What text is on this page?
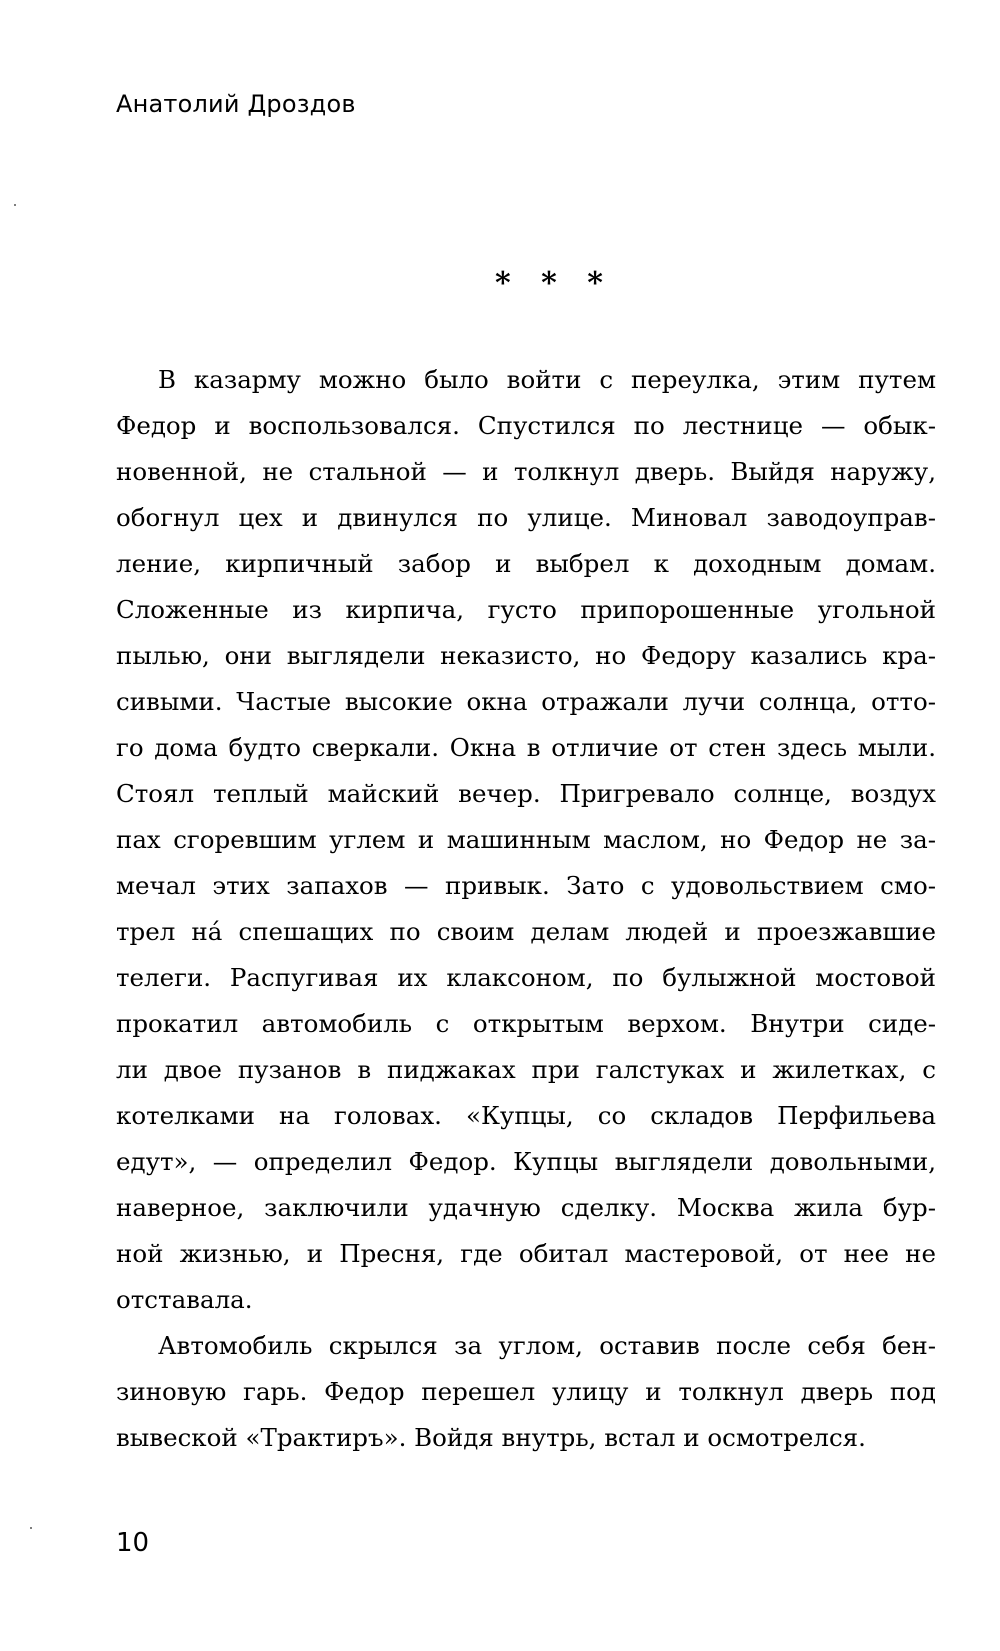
Анатолий Дроздов
* * *
В казарму можно было войти с переулка, этим путем
Федор и воспользовался. Спустился по лестнице — обык-
новенной, не стальной — и толкнул дверь. Выйдя наружу,
обогнул цех и двинулся по улице. Миновал заводоуправ-
ление, кирпичный забор и выбрел к доходным домам.
Сложенные из кирпича, густо припорошенные угольной
пылью, они выглядели неказисто, но Федору казались кра-
сивыми. Частые высокие окна отражали лучи солнца, отто-
го дома будто сверкали. Окна в отличие от стен здесь мыли.
Стоял теплый майский вечер. Пригревало солнце, воздух
пах сгоревшим углем и машинным маслом, но Федор не за-
мечал этих запахов — привык. Зато с удовольствием смо-
трел на́ спешащих по своим делам людей и проезжавшие
телеги. Распугивая их клаксоном, по булыжной мостовой
прокатил автомобиль с открытым верхом. Внутри сиде-
ли двое пузанов в пиджаках при галстуках и жилетках, с
котелками на головах. «Купцы, со складов Перфильева
едут», — определил Федор. Купцы выглядели довольными,
наверное, заключили удачную сделку. Москва жила бур-
ной жизнью, и Пресня, где обитал мастеровой, от нее не
отставала.
Автомобиль скрылся за углом, оставив после себя бен-
зиновую гарь. Федор перешел улицу и толкнул дверь под
вывеской «Трактиръ». Войдя внутрь, встал и осмотрелся.
10
